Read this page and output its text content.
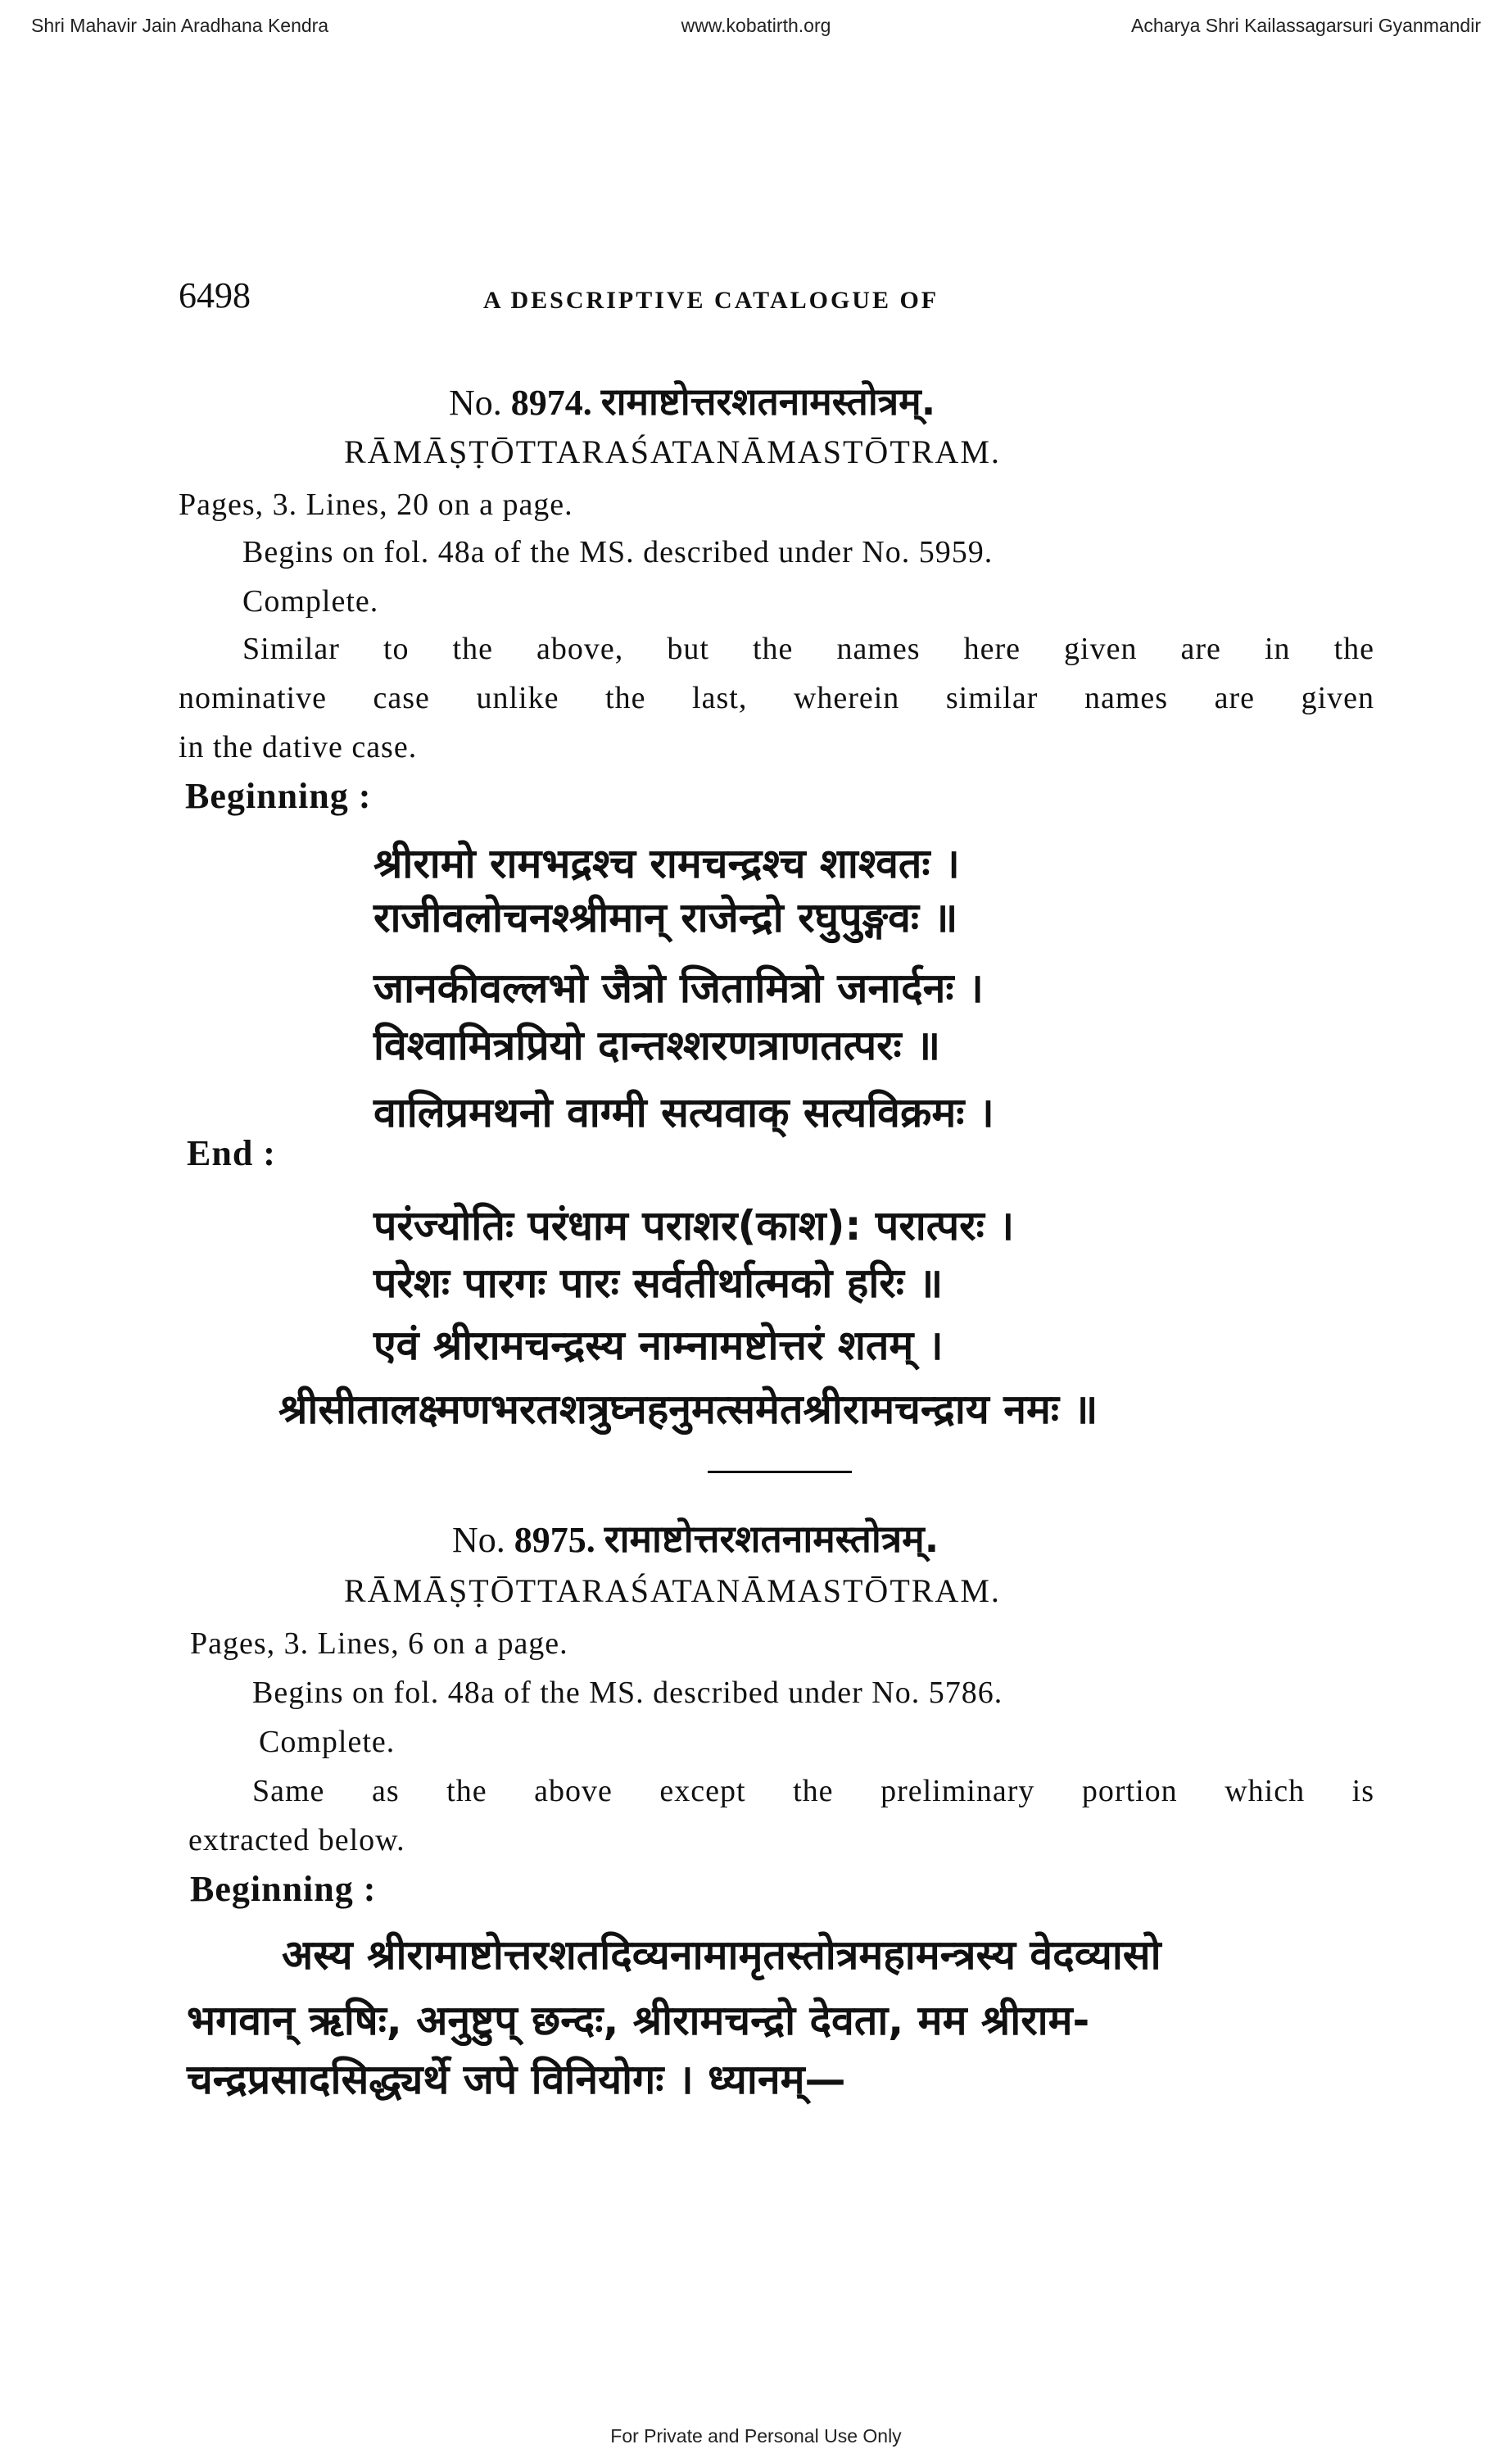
Shri Mahavir Jain Aradhana Kendra	www.kobatirth.org	Acharya Shri Kailassagarsuri Gyanmandir
6498	A DESCRIPTIVE CATALOGUE OF
No. 8974. रामाष्टोत्तरशतनामस्तोत्रम्.
RĀMĀṢṬŌTTARAŚATANĀMASTŌTRAM.
Pages, 3. Lines, 20 on a page.
Begins on fol. 48a of the MS. described under No. 5959.
Complete.
Similar to the above, but the names here given are in the
nominative case unlike the last, wherein similar names are given
in the dative case.
Beginning :
श्रीरामो रामभद्रश्च रामचन्द्रश्च शाश्वतः ।
राजीवलोचनश्श्रीमान् राजेन्द्रो रघुपुङ्गवः ॥
जानकीवल्लभो जैत्रो जितामित्रो जनार्दनः ।
विश्वामित्रप्रियो दान्तश्शरणत्राणतत्परः ॥
वालिप्रमथनो वाग्मी सत्यवाक् सत्यविक्रमः ।
End :
परंज्योतिः परंधाम पराशर(काश): परात्परः ।
परेशः पारगः पारः सर्वतीर्थात्मको हरिः ॥
एवं श्रीरामचन्द्रस्य नाम्नामष्टोत्तरं शतम् ।
श्रीसीतालक्ष्मणभरतशत्रुघ्नहनुमत्समेतश्रीरामचन्द्राय नमः ॥
No. 8975. रामाष्टोत्तरशतनामस्तोत्रम्.
RĀMĀṢṬŌTTARAŚATANĀMASTŌTRAM.
Pages, 3. Lines, 6 on a page.
Begins on fol. 48a of the MS. described under No. 5786.
Complete.
Same as the above except the preliminary portion which is
extracted below.
Beginning :
अस्य श्रीरामाष्टोत्तरशतदिव्यनामामृतस्तोत्रमहामन्त्रस्य वेदव्यासो
भगवान् ऋषिः, अनुष्टुप् छन्दः, श्रीरामचन्द्रो देवता, मम श्रीराम-
चन्द्रप्रसादसिद्ध्यर्थे जपे विनियोगः । ध्यानम्—
For Private and Personal Use Only
